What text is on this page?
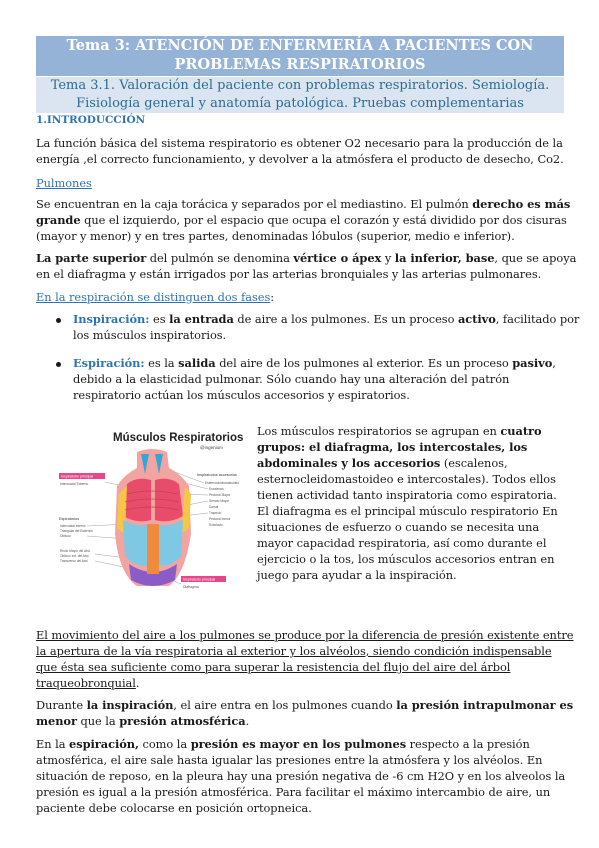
Tema 3: ATENCIÓN DE ENFERMERÍA A PACIENTES CON
PROBLEMAS RESPIRATORIOS
Tema 3.1. Valoración del paciente con problemas respiratorios. Semiología.
Fisiología general y anatomía patológica. Pruebas complementarias
1.INTRODUCCIÓN
La función básica del sistema respiratorio es obtener O2 necesario para la producción de la
energía ,el correcto funcionamiento, y devolver a la atmósfera el producto de desecho, Co2.
Pulmones
Se encuentran en la caja torácica y separados por el mediastino. El pulmón derecho es más
grande que el izquierdo, por el espacio que ocupa el corazón y está dividido por dos cisuras
(mayor y menor) y en tres partes, denominadas lóbulos (superior, medio e inferior).
La parte superior del pulmón se denomina vértice o ápex y la inferior, base, que se apoya
en el diafragma y están irrigados por las arterias bronquiales y las arterias pulmonares.
En la respiración se distinguen dos fases:
Inspiración: es la entrada de aire a los pulmones. Es un proceso activo, facilitado por
los músculos inspiratorios.
Espiración: es la salida del aire de los pulmones al exterior. Es un proceso pasivo,
debido a la elasticidad pulmonar. Sólo cuando hay una alteración del patrón
respiratorio actúan los músculos accesorios y espiratorios.
Músculos Respiratorios
@ingenium
Inspiratorio principal
Intercostal Externo
Espiratorios
Intercostal Interno
Triangular del Esternón
Oblicuo
Recto Mayor del Abd.
Oblicuo ext. del Abd.
Transverso del Abd.
Inspiratorios accesorios
Esternocleidomastoideo
Escalenos
Pectoral Mayor
Serrato Mayor
Dorsal
Trapecio
Pectoral menor
Subclavio
Inspiratorio principal
Diafragma
Los músculos respiratorios se agrupan en cuatro
grupos: el diafragma, los intercostales, los
abdominales y los accesorios (escalenos,
esternocleidomastoideo e intercostales). Todos ellos
tienen actividad tanto inspiratoria como espiratoria.
El diafragma es el principal músculo respiratorio En
situaciones de esfuerzo o cuando se necesita una
mayor capacidad respiratoria, así como durante el
ejercicio o la tos, los músculos accesorios entran en
juego para ayudar a la inspiración.
El movimiento del aire a los pulmones se produce por la diferencia de presión existente entre
la apertura de la vía respiratoria al exterior y los alvéolos, siendo condición indispensable
que ésta sea suficiente como para superar la resistencia del flujo del aire del árbol
traqueobronquial.
Durante la inspiración, el aire entra en los pulmones cuando la presión intrapulmonar es
menor que la presión atmosférica.
En la espiración, como la presión es mayor en los pulmones respecto a la presión
atmosférica, el aire sale hasta igualar las presiones entre la atmósfera y los alvéolos. En
situación de reposo, en la pleura hay una presión negativa de -6 cm H2O y en los alveolos la
presión es igual a la presión atmosférica. Para facilitar el máximo intercambio de aire, un
paciente debe colocarse en posición ortopneica.
